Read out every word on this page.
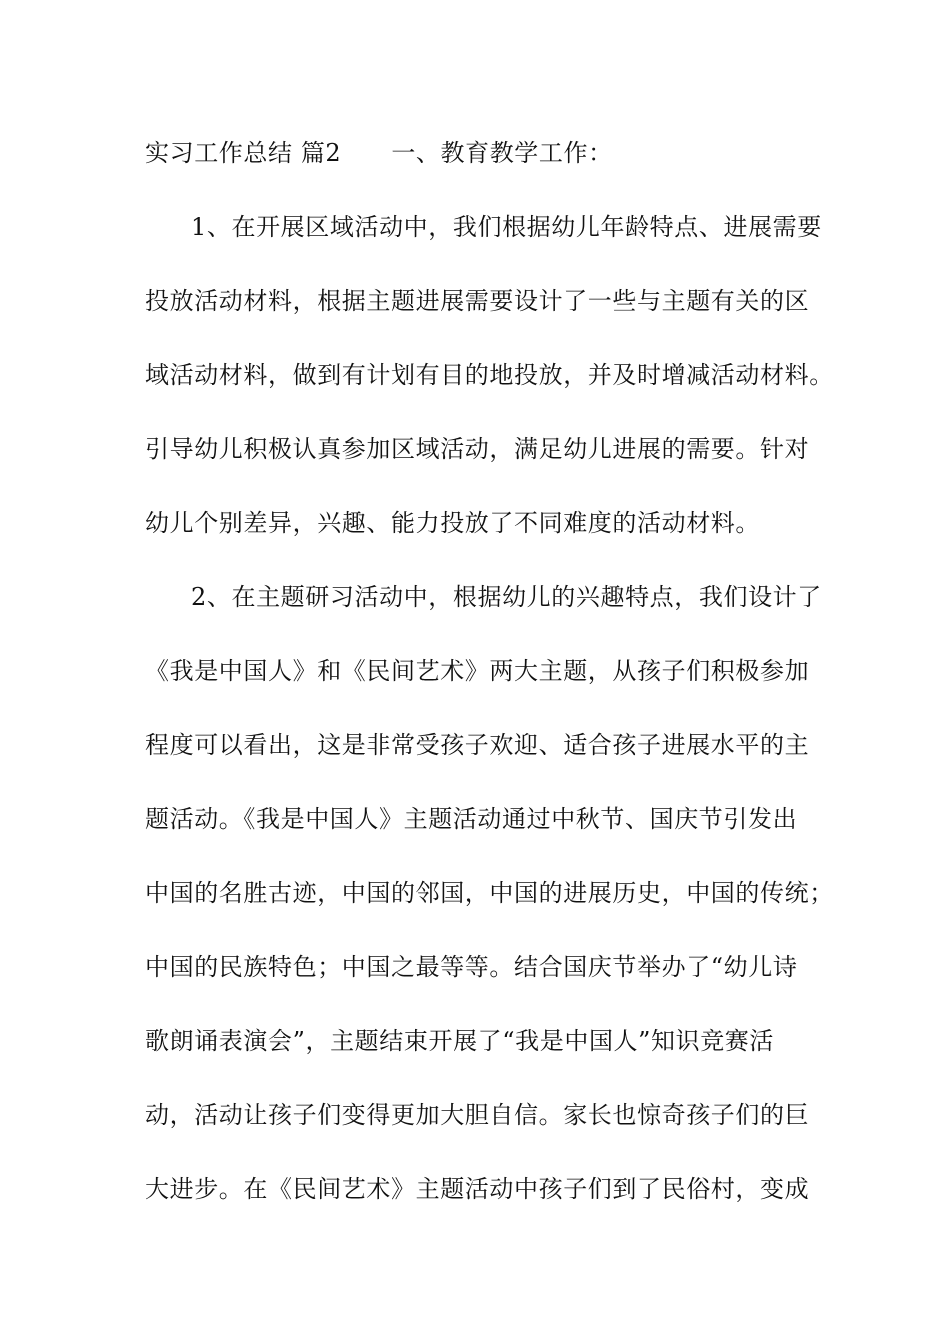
实习工作总结 篇2 一、教育教学工作：
1、在开展区域活动中，我们根据幼儿年龄特点、进展需要
投放活动材料，根据主题进展需要设计了一些与主题有关的区
域活动材料，做到有计划有目的地投放，并及时增减活动材料。
引导幼儿积极认真参加区域活动，满足幼儿进展的需要。针对
幼儿个别差异，兴趣、能力投放了不同难度的活动材料。
2、在主题研习活动中，根据幼儿的兴趣特点，我们设计了
《我是中国人》和《民间艺术》两大主题，从孩子们积极参加
程度可以看出，这是非常受孩子欢迎、适合孩子进展水平的主
题活动。《我是中国人》主题活动通过中秋节、国庆节引发出
中国的名胜古迹，中国的邻国，中国的进展历史，中国的传统；
中国的民族特色；中国之最等等。结合国庆节举办了“幼儿诗
歌朗诵表演会”，主题结束开展了“我是中国人”知识竞赛活
动，活动让孩子们变得更加大胆自信。家长也惊奇孩子们的巨
大进步。在《民间艺术》主题活动中孩子们到了民俗村，变成
